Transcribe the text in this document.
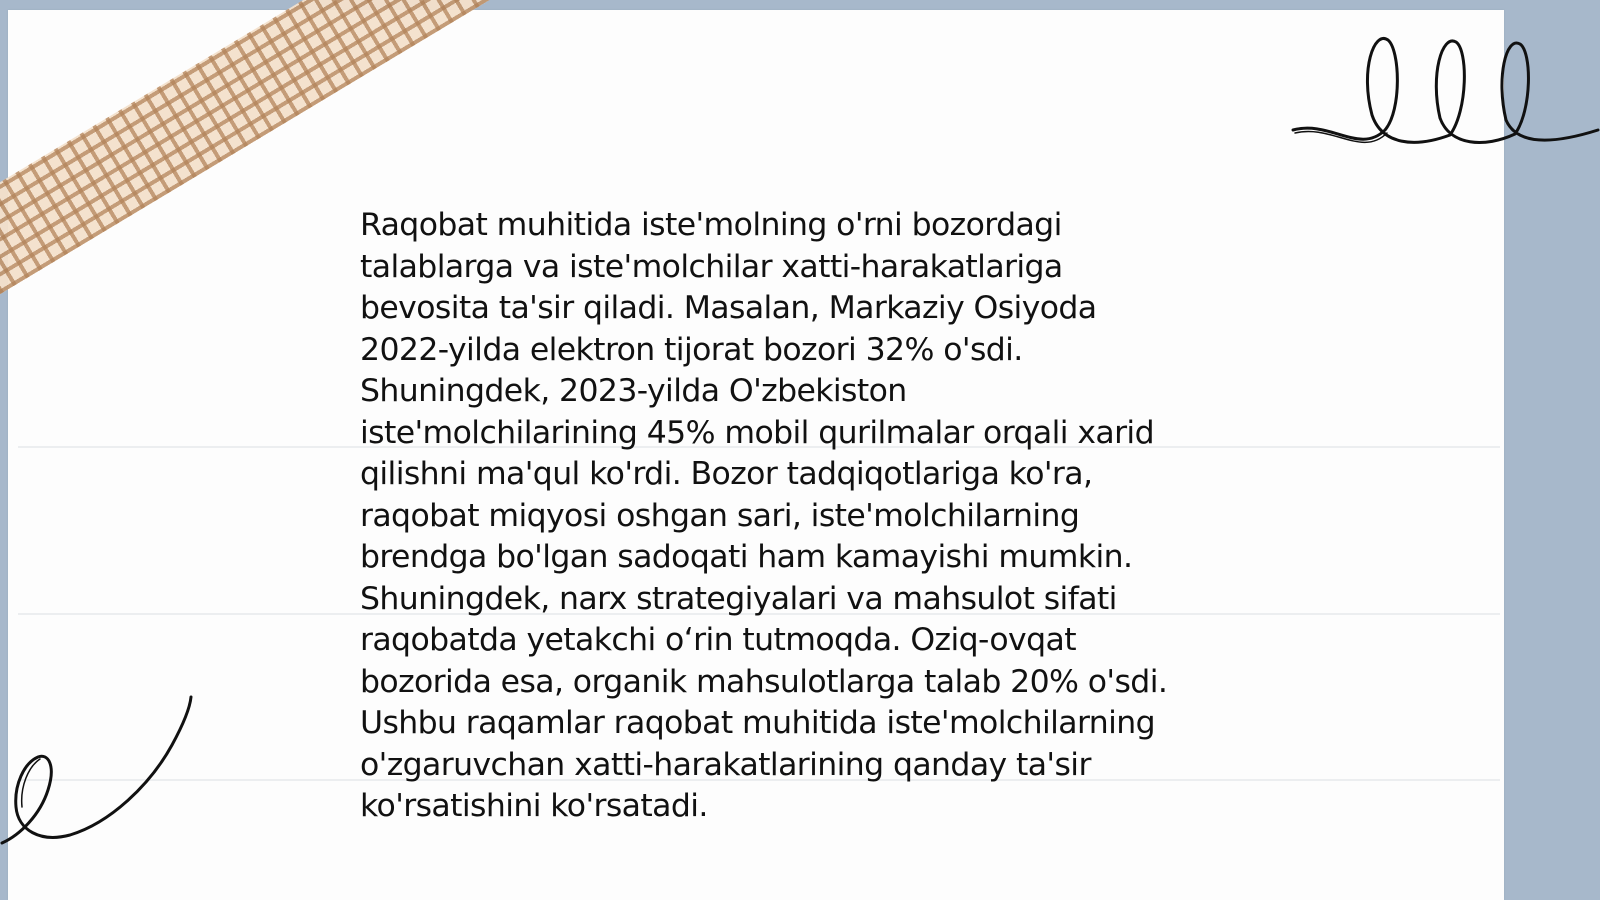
Raqobat muhitida iste'molning o'rni bozordagi
talablarga va iste'molchilar xatti-harakatlariga
bevosita ta'sir qiladi. Masalan, Markaziy Osiyoda
2022-yilda elektron tijorat bozori 32% o'sdi.
Shuningdek, 2023-yilda O'zbekiston
iste'molchilarining 45% mobil qurilmalar orqali xarid
qilishni ma'qul ko'rdi. Bozor tadqiqotlariga ko'ra,
raqobat miqyosi oshgan sari, iste'molchilarning
brendga bo'lgan sadoqati ham kamayishi mumkin.
Shuningdek, narx strategiyalari va mahsulot sifati
raqobatda yetakchi o‘rin tutmoqda. Oziq-ovqat
bozorida esa, organik mahsulotlarga talab 20% o'sdi.
Ushbu raqamlar raqobat muhitida iste'molchilarning
o'zgaruvchan xatti-harakatlarining qanday ta'sir
ko'rsatishini ko'rsatadi.
